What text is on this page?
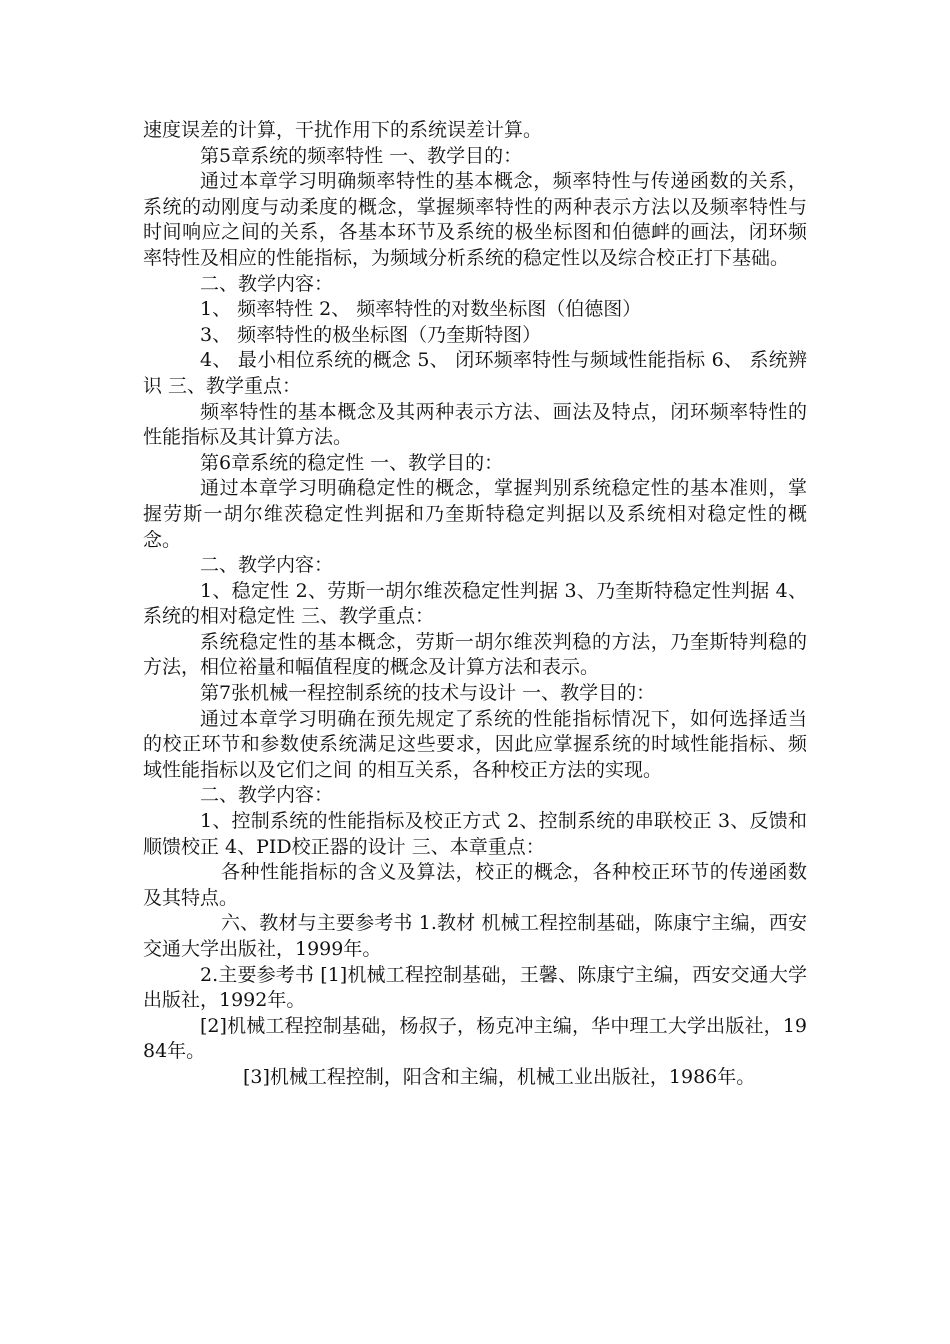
速度误差的计算，干扰作用下的系统误差计算。

第5章系统的频率特性 一、教学目的：

通过本章学习明确频率特性的基本概念，频率特性与传递函数的关系，系统的动刚度与动柔度的概念，掌握频率特性的两种表示方法以及频率特性与时间响应之间的关系，各基本环节及系统的极坐标图和伯德衅的画法，闭环频率特性及相应的性能指标，为频域分析系统的稳定性以及综合校正打下基础。

二、教学内容：

1、 频率特性 2、 频率特性的对数坐标图（伯德图）

3、 频率特性的极坐标图（乃奎斯特图）

4、 最小相位系统的概念 5、 闭环频率特性与频域性能指标 6、 系统辨识 三、教学重点：

频率特性的基本概念及其两种表示方法、画法及特点，闭环频率特性的性能指标及其计算方法。

第6章系统的稳定性 一、教学目的：

通过本章学习明确稳定性的概念，掌握判别系统稳定性的基本准则，掌握劳斯一胡尔维茨稳定性判据和乃奎斯特稳定判据以及系统相对稳定性的概念。

二、教学内容：

1、稳定性 2、劳斯一胡尔维茨稳定性判据 3、乃奎斯特稳定性判据 4、系统的相对稳定性 三、教学重点：

系统稳定性的基本概念，劳斯一胡尔维茨判稳的方法，乃奎斯特判稳的方法，相位裕量和幅值程度的概念及计算方法和表示。

第7张机械一程控制系统的技术与设计 一、教学目的：

通过本章学习明确在预先规定了系统的性能指标情况下，如何选择适当的校正环节和参数使系统满足这些要求，因此应掌握系统的时域性能指标、频域性能指标以及它们之间 的相互关系，各种校正方法的实现。

二、教学内容：

1、控制系统的性能指标及校正方式 2、控制系统的串联校正 3、反馈和顺馈校正 4、PID校正器的设计 三、本章重点：

各种性能指标的含义及算法，校正的概念，各种校正环节的传递函数及其特点。

六、教材与主要参考书 1.教材 机械工程控制基础，陈康宁主编，西安交通大学出版社，1999年。

2.主要参考书 [1]机械工程控制基础，王馨、陈康宁主编，西安交通大学出版社，1992年。

[2]机械工程控制基础，杨叔子，杨克冲主编，华中理工大学出版社，1984年。

[3]机械工程控制，阳含和主编，机械工业出版社，1986年。
